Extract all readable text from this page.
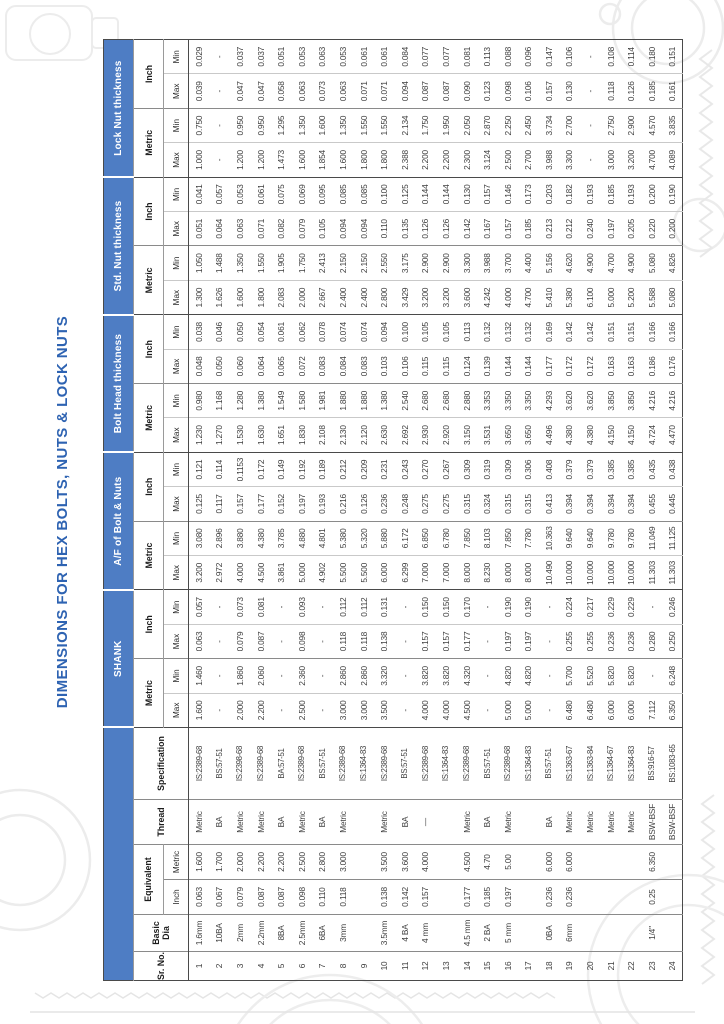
DIMENSIONS FOR HEX BOLTS, NUTS & LOCK NUTS
						SHANK				A/F of Bolt & Nuts				Bolt Head thickness				Std. Nut thickness				Lock Nut thickness			
Sr. No.	Basic Dia	Equivalent		Thread	Specification	Metric		Inch		Metric		Inch		Metric		Inch		Metric		Inch		Metric		Inch	
		Inch	Metric			Max	Min	Max	Min	Max	Min	Max	Min	Max	Min	Max	Min	Max	Min	Max	Min	Max	Min	Max	Min
1	1.6mm	0.063	1.600	Metric	IS:2389-68	1.600	1.460	0.063	0.057	3.200	3.080	0.125	0.121	1.230	0.980	0.048	0.038	1.300	1.050	0.051	0.041	1.000	0.750	0.039	0.029
2	10BA	0.067	1.700	BA	BS:57-51	-	-	-	-	2.972	2.896	0.117	0.114	1.270	1.168	0.050	0.046	1.626	1.488	0.064	0.057	-	-	-	-
3	2mm	0.079	2.000	Metric	IS:2398-68	2.000	1.860	0.079	0.073	4.000	3.880	0.157	0.1153	1.530	1.280	0.060	0.050	1.600	1.350	0.063	0.053	1.200	0.950	0.047	0.037
4	2.2mm	0.087	2.200	Metric	IS:2389-68	2.200	2.060	0.087	0.081	4.500	4.380	0.177	0.172	1.630	1.380	0.064	0.054	1.800	1.550	0.071	0.061	1.200	0.950	0.047	0.037
5	8BA	0.087	2.200	BA	BA:57-51	-	-	-	-	3.861	3.785	0.152	0.149	1.651	1.549	0.065	0.061	2.083	1.905	0.082	0.075	1.473	1.295	0.058	0.051
6	2.5mm	0.098	2.500	Metric	IS:2389-68	2.500	2.360	0.098	0.093	5.000	4.880	0.197	0.192	1.830	1.580	0.072	0.062	2.000	1.750	0.079	0.069	1.600	1.350	0.063	0.053
7	6BA	0.110	2.800	BA	BS:57-51	-	-	-	-	4.902	4.801	0.193	0.189	2.108	1.981	0.083	0.078	2.667	2.413	0.105	0.095	1.854	1.600	0.073	0.063
8	3mm	0.118	3.000	Metric	IS:2389-68	3.000	2.860	0.118	0.112	5.500	5.380	0.216	0.212	2.130	1.880	0.084	0.074	2.400	2.150	0.094	0.085	1.600	1.350	0.063	0.053
9					IS:1364-83	3.000	2.860	0.118	0.112	5.500	5.320	0.126	0.209	2.120	1.880	0.083	0.074	2.400	2.150	0.094	0.085	1.800	1.550	0.071	0.061
10	3.5mm	0.138	3.500	Metric	IS:2389-68	3.500	3.320	0.138	0.131	6.000	5.880	0.236	0.231	2.630	1.380	0.103	0.094	2.800	2.550	0.110	0.100	1.800	1.550	0.071	0.061
11	4 BA	0.142	3.600	BA	BS:57-51	-	-	-	-	6.299	6.172	0.248	0.243	2.692	2.540	0.106	0.100	3.429	3.175	0.135	0.125	2.388	2.134	0.094	0.084
12	4 mm	0.157	4.000	—	IS:2389-68	4.000	3.820	0.157	0.150	7.000	6.850	0.275	0.270	2.930	2.680	0.115	0.105	3.200	2.900	0.126	0.144	2.200	1.750	0.087	0.077
13					IS:1364-83	4.000	3.820	0.157	0.150	7.000	6.780	0.275	0.267	2.920	2.680	0.115	0.105	3.200	2.900	0.126	0.144	2.200	1.950	0.087	0.077
14	4.5 mm	0.177	4.500	Metric	IS:2389-68	4.500	4.320	0.177	0.170	8.000	7.850	0.315	0.309	3.150	2.880	0.124	0.113	3.600	3.300	0.142	0.130	2.300	2.050	0.090	0.081
15	2 BA	0.185	4.70	BA	BS:57-51	-	-	-	-	8.230	8.103	0.324	0.319	3.531	3.353	0.139	0.132	4.242	3.988	0.167	0.157	3.124	2.870	0.123	0.113
16	5 mm	0.197	5.00	Metric	IS:2389-68	5.000	4.820	0.197	0.190	8.000	7.850	0.315	0.309	3.650	3.350	0.144	0.132	4.000	3.700	0.157	0.146	2.500	2.250	0.098	0.088
17					IS:1364-83	5.000	4.820	0.197	0.190	8.000	7.780	0.315	0.306	3.650	3.350	0.144	0.132	4.700	4.400	0.185	0.173	2.700	2.450	0.106	0.096
18	0BA	0.236	6.000	BA	BS:57-51	-	-	-	-	10.490	10.363	0.413	0.408	4.496	4.293	0.177	0.169	5.410	5.156	0.213	0.203	3.988	3.734	0.157	0.147
19	6mm	0.236	6.000	Metric	IS:1363-67	6.480	5.700	0.255	0.224	10.000	9.640	0.394	0.379	4.380	3.620	0.172	0.142	5.380	4.620	0.212	0.182	3.300	2.700	0.130	0.106
20				Metric	IS:1363-84	6.480	5.520	0.255	0.217	10.000	9.640	0.394	0.379	4.380	3.620	0.172	0.142	6.100	4.900	0.240	0.193	-	-	-	-
21				Metric	IS:1364-67	6.000	5.820	0.236	0.229	10.000	9.780	0.394	0.385	4.150	3.850	0.163	0.151	5.000	4.700	0.197	0.185	3.000	2.750	0.118	0.108
22				Metric	IS:1364-83	6.000	5.820	0.236	0.229	10.000	9.780	0.394	0.385	4.150	3.850	0.163	0.151	5.200	4.900	0.205	0.193	3.200	2.900	0.126	0.114
23	1/4"	0.25	6.350	BSW-BSF	BS:916-57	7.112	-	0.280	-	11.303	11.049	0.455	0.435	4.724	4.216	0.186	0.166	5.588	5.080	0.220	0.200	4.700	4.570	0.185	0.180
24				BSW-BSF	BS:1083-65	6.350	6.248	0.250	0.246	11.303	11.125	0.445	0.438	4.470	4.216	0.176	0.166	5.080	4.826	0.200	0.190	4.089	3.835	0.161	0.151
